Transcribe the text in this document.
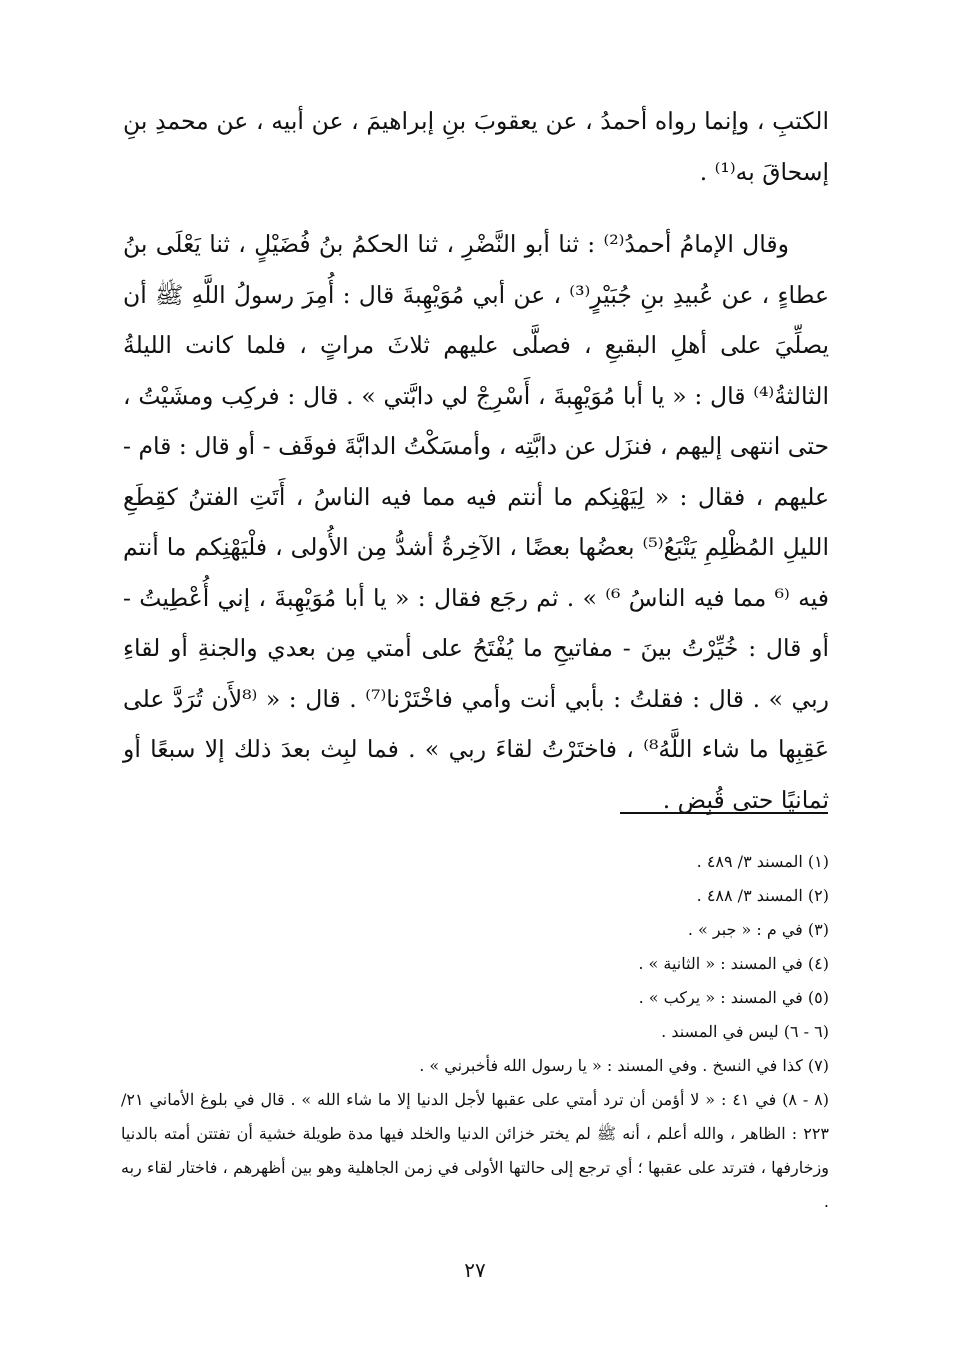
الكتبِ ، وإنما رواه أحمدُ ، عن يعقوبَ بنِ إبراهيمَ ، عن أبيه ، عن محمدِ بنِ إسحاقَ به⁽¹⁾ .

وقال الإمامُ أحمدُ⁽²⁾ : ثنا أبو النَّضْرِ ، ثنا الحكمُ بنُ فُضَيْلٍ ، ثنا يَعْلَى بنُ عطاءٍ ، عن عُبيدِ بنِ جُبَيْرٍ⁽³⁾ ، عن أبي مُوَيْهِبةَ قال : أُمِرَ رسولُ اللَّهِ ﷺ أن يصلِّيَ على أهلِ البقيعِ ، فصلَّى عليهم ثلاثَ مراتٍ ، فلما كانت الليلةُ الثالثةُ⁽⁴⁾ قال : « يا أبا مُوَيْهِبةَ ، أَسْرِجْ لي دابَّتي » . قال : فركِب ومشَيْتُ ، حتى انتهى إليهم ، فنزَل عن دابَّتِه ، وأمسَكْتُ الدابَّةَ فوقَف - أو قال : قام - عليهم ، فقال : « لِيَهْنِكم ما أنتم فيه مما فيه الناسُ ، أَتَتِ الفتنُ كقِطَعِ الليلِ المُظْلِمِ يَتْبَعُ⁽⁵⁾ بعضُها بعضًا ، الآخِرةُ أشدُّ مِن الأُولى ، فلْيَهْنِكم ما أنتم فيه ⁽⁶ مما فيه الناسُ ⁶⁾ » . ثم رجَع فقال : « يا أبا مُوَيْهِبةَ ، إني أُعْطِيتُ - أو قال : خُيِّرْتُ بينَ - مفاتيحِ ما يُفْتَحُ على أمتي مِن بعدي والجنةِ أو لقاءِ ربي » . قال : فقلتُ : بأبي أنت وأمي فاخْتَرْنا⁽⁷⁾ . قال : « ⁽⁸لأَن تُرَدَّ على عَقِبِها ما شاء اللَّهُ⁸⁾ ، فاختَرْتُ لقاءَ ربي » . فما لبِث بعدَ ذلك إلا سبعًا أو ثمانيًا حتى قُبِض .

(١) المسند ٣/ ٤٨٩ .

(٢) المسند ٣/ ٤٨٨ .

(٣) في م : « جبر » .

(٤) في المسند : « الثانية » .

(٥) في المسند : « يركب » .

(٦ - ٦) ليس في المسند .

(٧) كذا في النسخ . وفي المسند : « يا رسول الله فأخبرني » .

(٨ - ٨) في ٤١ : « لا أؤمن أن ترد أمتي على عقبها لأجل الدنيا إلا ما شاء الله » . قال في بلوغ الأماني ٢١/ ٢٢٣ : الظاهر ، والله أعلم ، أنه ﷺ لم يختر خزائن الدنيا والخلد فيها مدة طويلة خشية أن تفتتن أمته بالدنيا وزخارفها ، فترتد على عقبها ؛ أي ترجع إلى حالتها الأولى في زمن الجاهلية وهو بين أظهرهم ، فاختار لقاء ربه .

٢٧
